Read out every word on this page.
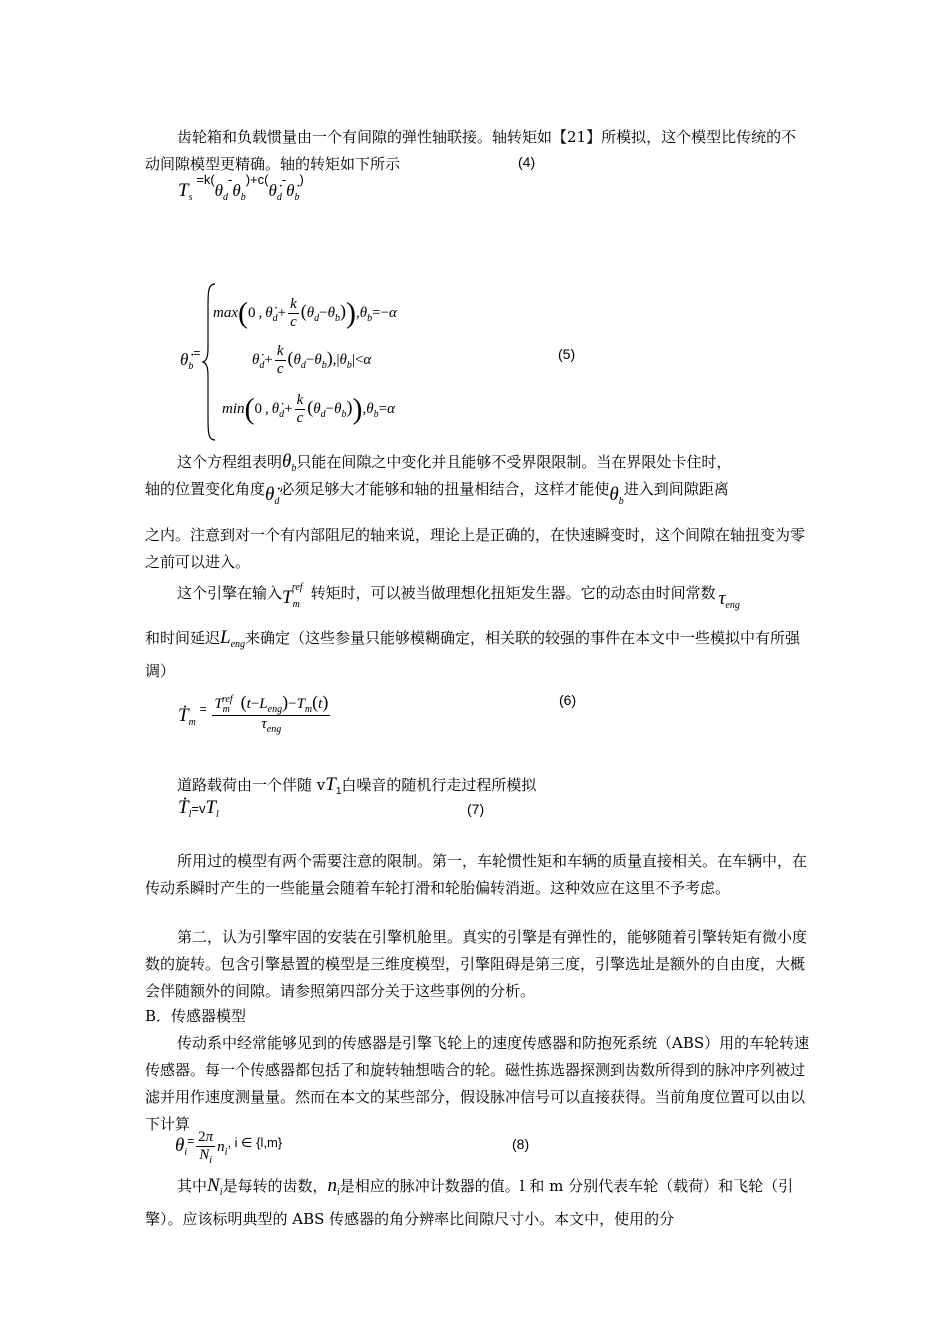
齿轮箱和负载惯量由一个有间隙的弹性轴联接。轴转矩如【21】所模拟，这个模型比传统的不动间隙模型更精确。轴的转矩如下所示

$T_s$ $=k(\theta_d-\theta_b)+c(\thetȧ_d-\thetȧ_b)$
(4)
$\thetȧ_b^=$
max(0 , $\thetȧ_d+ \frac{k}{c} (\theta_d-\theta_b)),\theta_b=-\alpha$
$\thetȧ_d+ \frac{k}{c} (\theta_d-\theta_b),|\theta_b|<\alpha$
min(0 , $\thetȧ_d+ \frac{k}{c} (\theta_d-\theta_b)),\theta_b=\alpha$
(5)

这个方程组表明$\theta_b$只能在间隙之中变化并且能够不受界限限制。当在界限处卡住时，

轴的位置变化角度$\thetȧ_d$必须足够大才能够和轴的扭量相结合，这样才能使$\theta_b$进入到间隙距离

之内。注意到对一个有内部阻尼的轴来说，理论上是正确的，在快速瞬变时，这个间隙在轴扭变为零之前可以进入。

这个引擎在输入$T_m^{ref}$ 转矩时，可以被当做理想化扭矩发生器。它的动态由时间常数 $\tau_{eng}$

和时间延迟$L_{eng}$来确定（这些参量只能够模糊确定，相关联的较强的事件在本文中一些模拟中有所强调）

Ṫ$_m$ = $\frac{T_m^{ref} (t-L_{eng})-T_m(t)}{\tau_{eng}}$	(6)

道路载荷由一个伴随 $vT_1$白噪音的随机行走过程所模拟

$Ṫ_l=vT_l$	(7)

所用过的模型有两个需要注意的限制。第一，车轮惯性矩和车辆的质量直接相关。在车辆中，在传动系瞬时产生的一些能量会随着车轮打滑和轮胎偏转消逝。这种效应在这里不予考虑。

第二，认为引擎牢固的安装在引擎机舱里。真实的引擎是有弹性的，能够随着引擎转矩有微小度数的旋转。包含引擎悬置的模型是三维度模型，引擎阻碍是第三度，引擎选址是额外的自由度，大概会伴随额外的间隙。请参照第四部分关于这些事例的分析。

B．传感器模型

传动系中经常能够见到的传感器是引擎飞轮上的速度传感器和防抱死系统（ABS）用的车轮转速传感器。每一个传感器都包括了和旋转轴想啮合的轮。磁性拣选器探测到齿数所得到的脉冲序列被过滤并用作速度测量量。然而在本文的某些部分，假设脉冲信号可以直接获得。当前角度位置可以由以下计算

$\theta_i= \frac{2\pi}{N_i} n_i$, i ∈ {l,m}	(8)

其中$N_i$是每转的齿数，$n_i$是相应的脉冲计数器的值。l 和 m 分别代表车轮（载荷）和飞轮（引擎）。应该标明典型的 ABS 传感器的角分辨率比间隙尺寸小。本文中，使用的分
